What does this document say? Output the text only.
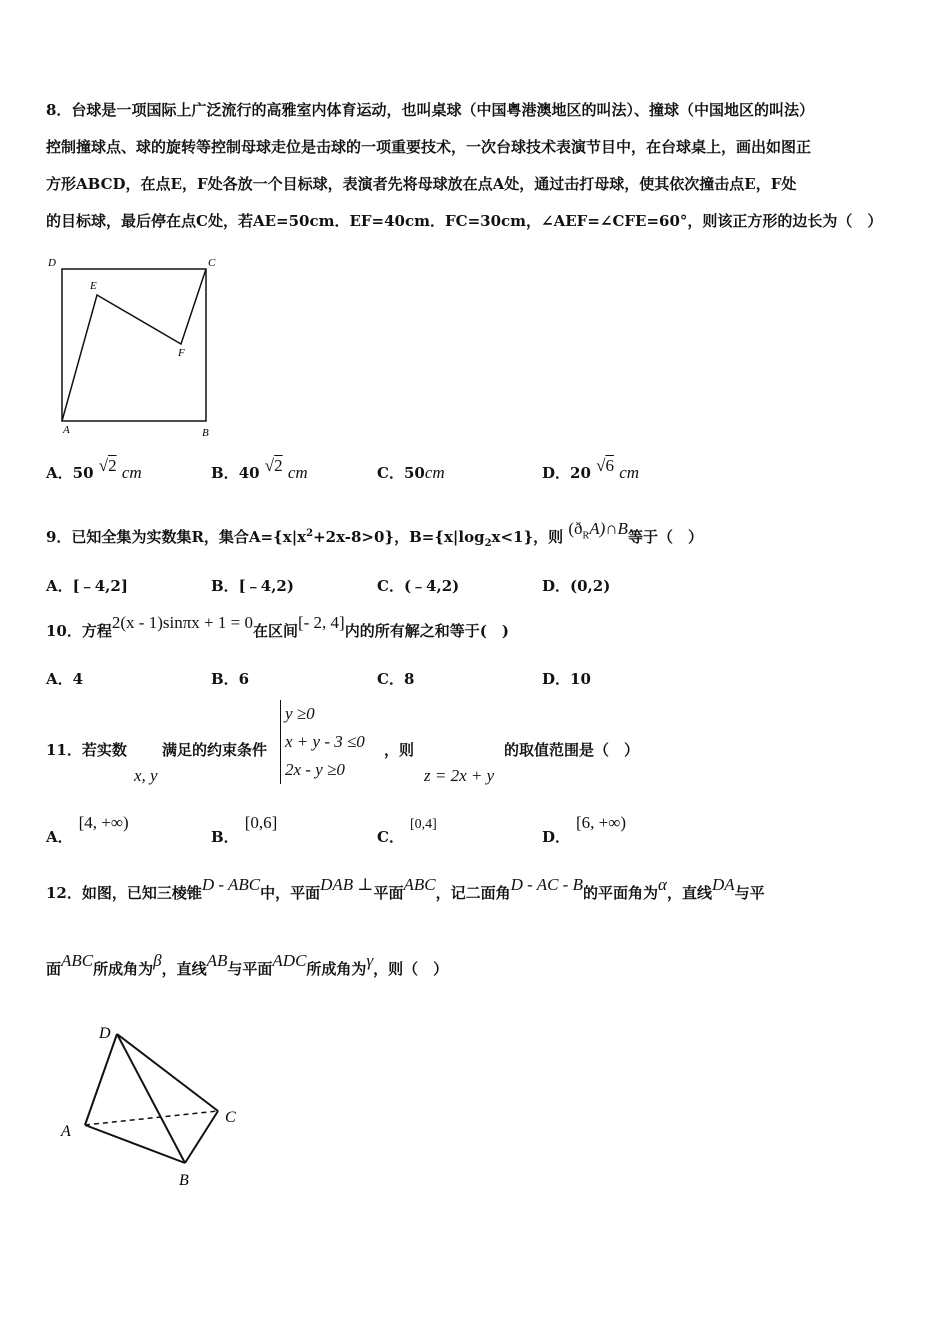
8．台球是一项国际上广泛流行的高雅室内体育运动，也叫桌球（中国粤港澳地区的叫法）、撞球（中国地区的叫法）
控制撞球点、球的旋转等控制母球走位是击球的一项重要技术，一次台球技术表演节目中，在台球桌上，画出如图正
方形ABCD，在点E，F处各放一个目标球，表演者先将母球放在点A处，通过击打母球，使其依次撞击点E，F处
的目标球，最后停在点C处，若AE=50cm．EF=40cm．FC=30cm，∠AEF=∠CFE=60°，则该正方形的边长为（　）
D	C
E
F
A	B
A．50 √2 cm	B．40 √2 cm	C．50cm	D．20 √6 cm
9．已知全集为实数集R，集合$A=\{x|x^2+2x-8>0\}$，$B=\{x|\log_2x<1\}$，则 $(ð_RA)\cap B$等于（　）
A．[﹣4,2]	B．[﹣4,2)	C．(﹣4,2)	D．(0,2)
10．方程2(x - 1)sinπx + 1 = 0在区间[- 2, 4]内的所有解之和等于(　)
A．4	B．6	C．8	D．10
11．若实数
x, y
满足的约束条件
y ≥0
x + y - 3 ≤0
2x - y ≥0
，则
z = 2x + y
的取值范围是（　）
A．[4, +∞)
B．[0,6]
C．[0,4]
D．[6, +∞)
12．如图，已知三棱锥D - ABC中，平面DAB ⊥平面ABC，记二面角D - AC - B的平面角为α，直线DA与平
面ABC所成角为β，直线AB与平面ADC所成角为γ，则（　）
D
A
C
B
